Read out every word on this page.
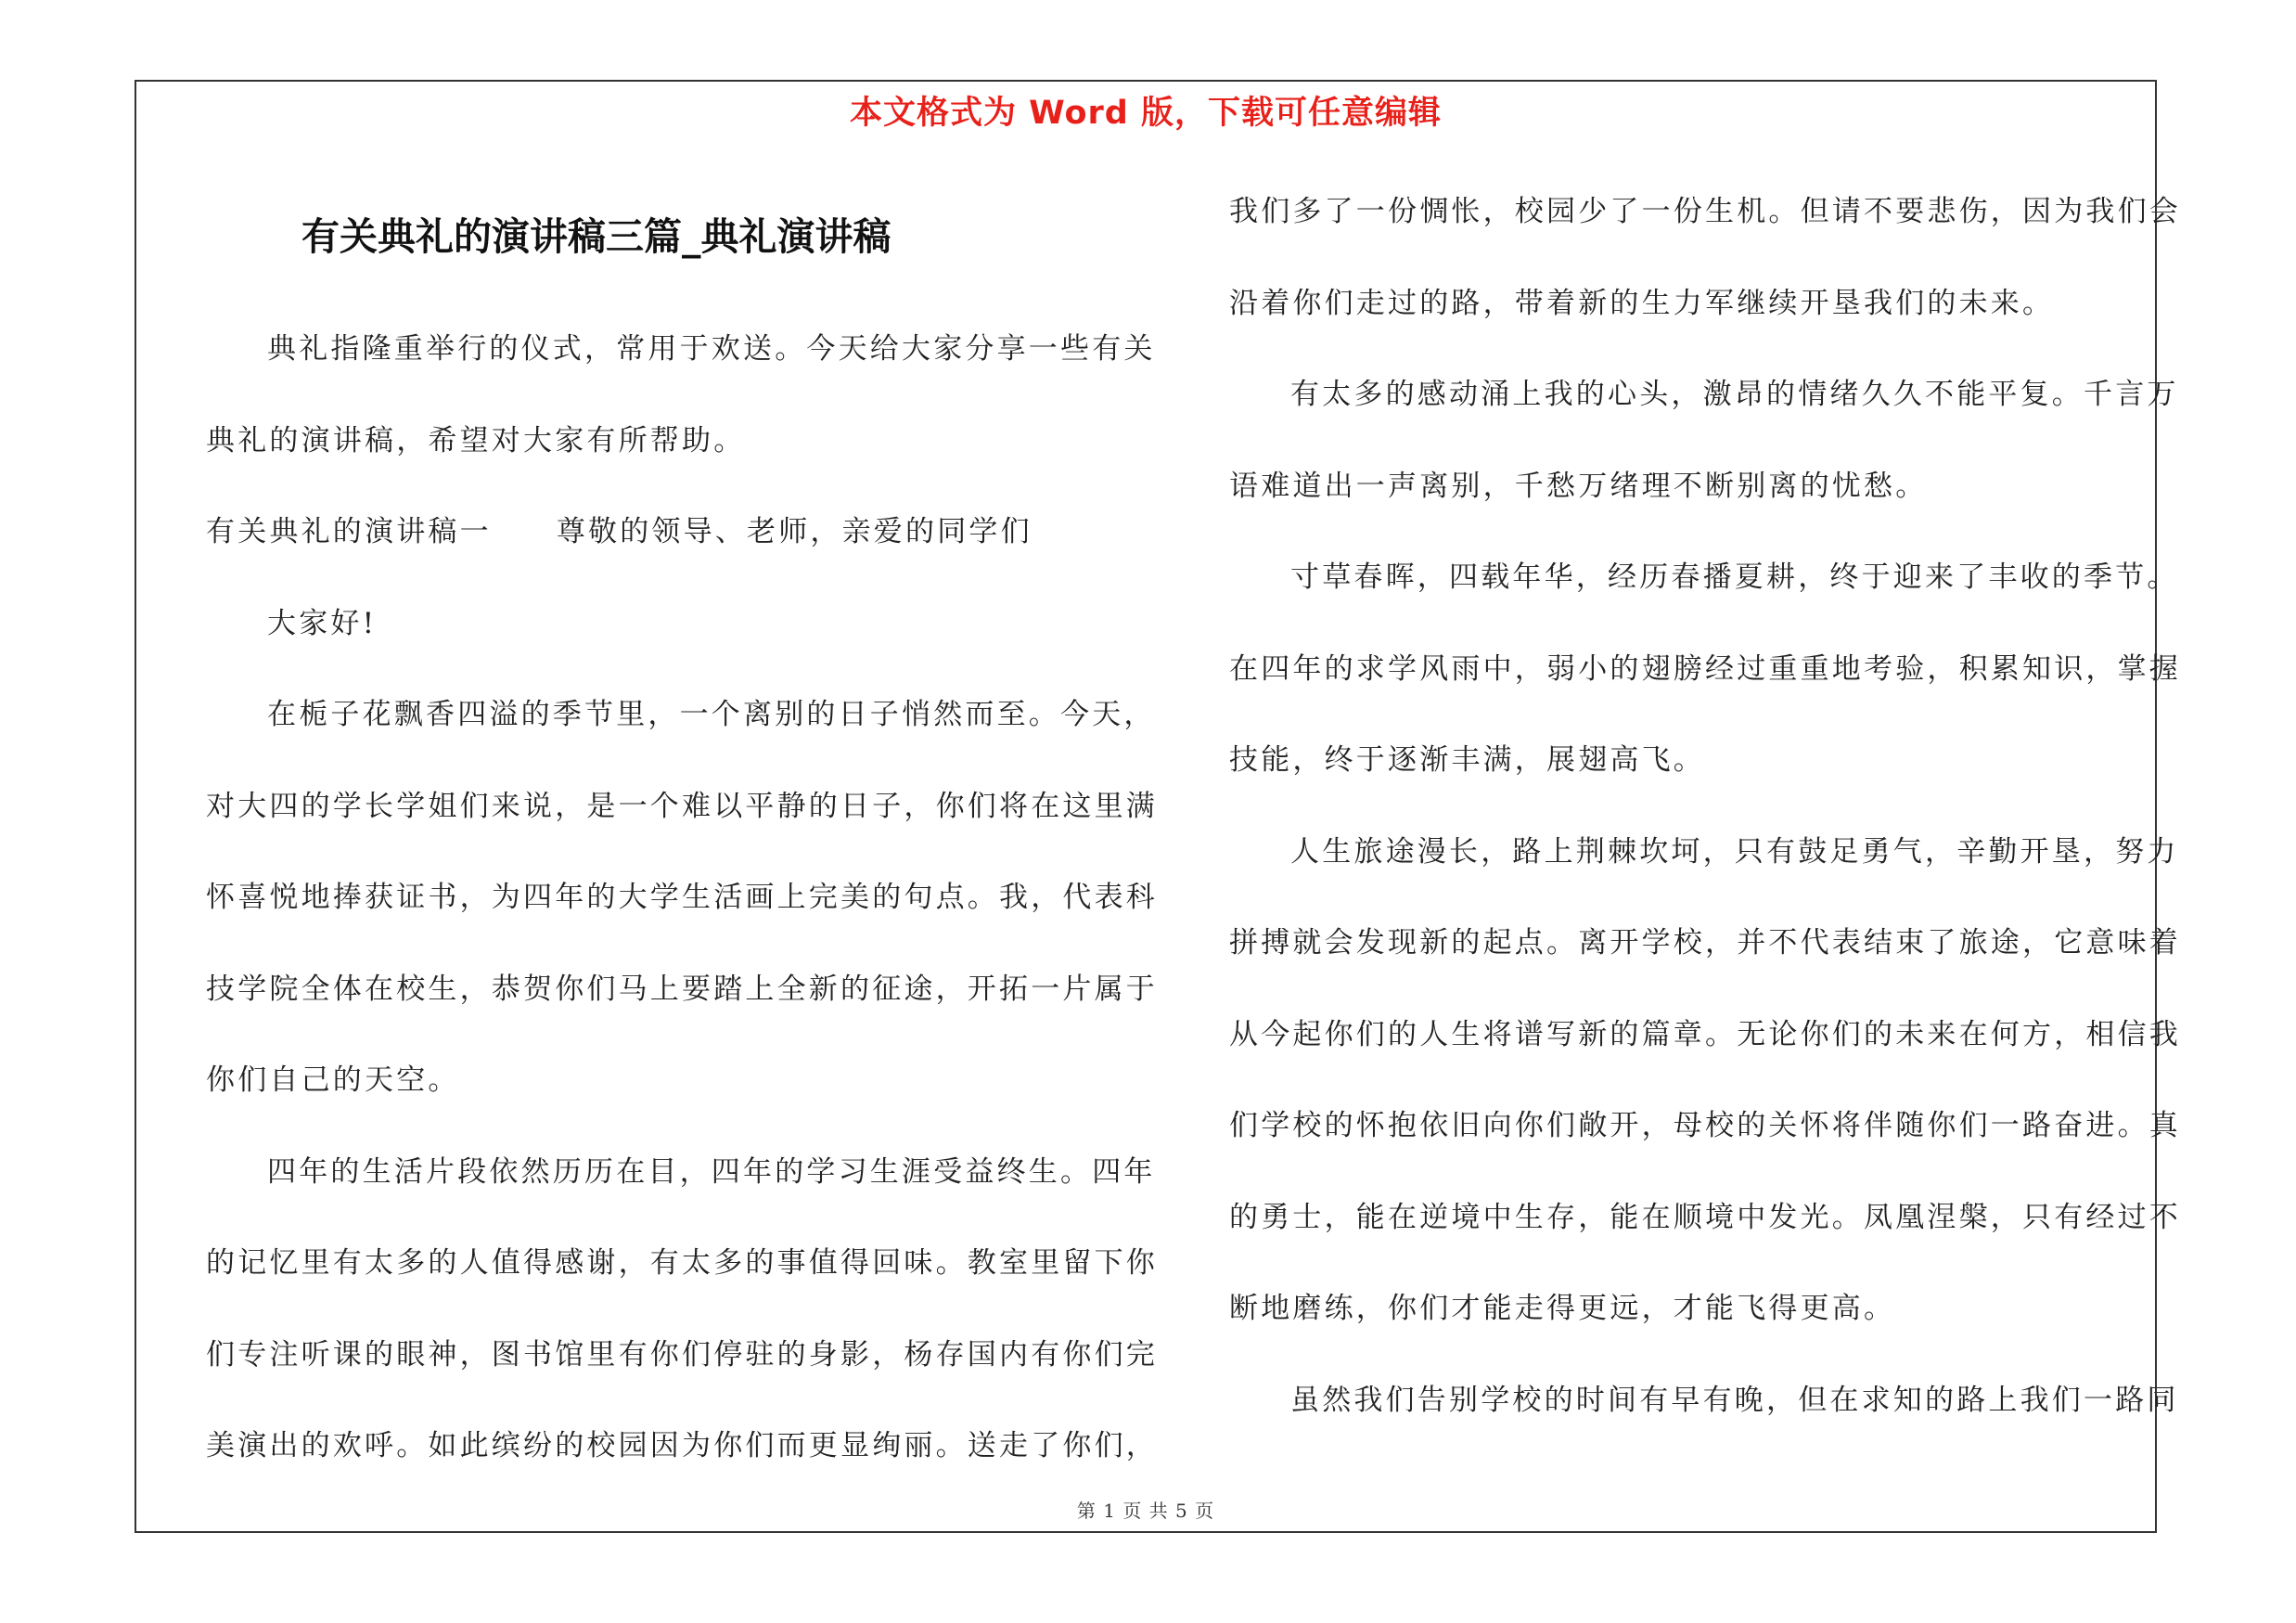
本文格式为 Word 版，下载可任意编辑
有关典礼的演讲稿三篇_典礼演讲稿
典礼指隆重举行的仪式，常用于欢送。今天给大家分享一些有关
典礼的演讲稿，希望对大家有所帮助。
有关典礼的演讲稿一 尊敬的领导、老师，亲爱的同学们
大家好!
在栀子花飘香四溢的季节里，一个离别的日子悄然而至。今天，
对大四的学长学姐们来说，是一个难以平静的日子，你们将在这里满
怀喜悦地捧获证书，为四年的大学生活画上完美的句点。我，代表科
技学院全体在校生，恭贺你们马上要踏上全新的征途，开拓一片属于
你们自己的天空。
四年的生活片段依然历历在目，四年的学习生涯受益终生。四年
的记忆里有太多的人值得感谢，有太多的事值得回味。教室里留下你
们专注听课的眼神，图书馆里有你们停驻的身影，杨存国内有你们完
美演出的欢呼。如此缤纷的校园因为你们而更显绚丽。送走了你们，
我们多了一份惆怅，校园少了一份生机。但请不要悲伤，因为我们会
沿着你们走过的路，带着新的生力军继续开垦我们的未来。
有太多的感动涌上我的心头，激昂的情绪久久不能平复。千言万
语难道出一声离别，千愁万绪理不断别离的忧愁。
寸草春晖，四载年华，经历春播夏耕，终于迎来了丰收的季节。
在四年的求学风雨中，弱小的翅膀经过重重地考验，积累知识，掌握
技能，终于逐渐丰满，展翅高飞。
人生旅途漫长，路上荆棘坎坷，只有鼓足勇气，辛勤开垦，努力
拼搏就会发现新的起点。离开学校，并不代表结束了旅途，它意味着
从今起你们的人生将谱写新的篇章。无论你们的未来在何方，相信我
们学校的怀抱依旧向你们敞开，母校的关怀将伴随你们一路奋进。真
的勇士，能在逆境中生存，能在顺境中发光。凤凰涅槃，只有经过不
断地磨练，你们才能走得更远，才能飞得更高。
虽然我们告别学校的时间有早有晚，但在求知的路上我们一路同
第 1 页 共 5 页
